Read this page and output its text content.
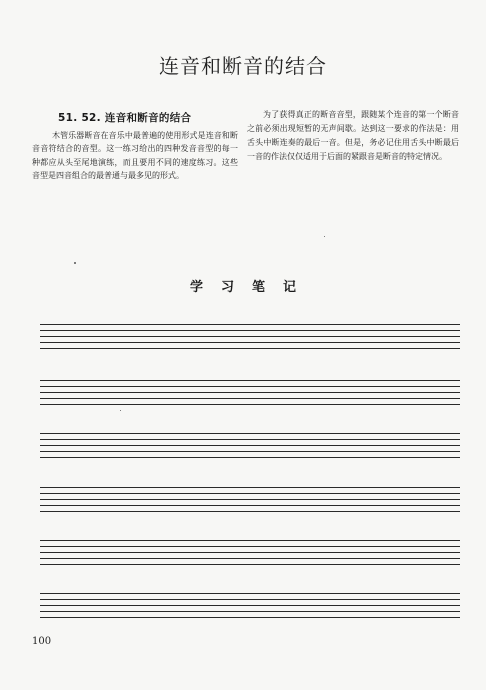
连音和断音的结合
51. 52. 连音和断音的结合

木管乐器断音在音乐中最普遍的使用形式是连音和断音音符结合的音型。这一练习给出的四种发音音型的每一种都应从头至尾地演练，而且要用不同的速度练习。这些音型是四音组合的最普通与最多见的形式。

为了获得真正的断音音型，跟随某个连音的第一个断音之前必须出现短暂的无声间歇。达到这一要求的作法是：用舌头中断连奏的最后一音。但是，务必记住用舌头中断最后一音的作法仅仅适用于后面的紧跟音是断音的特定情况。

学习笔记
100
